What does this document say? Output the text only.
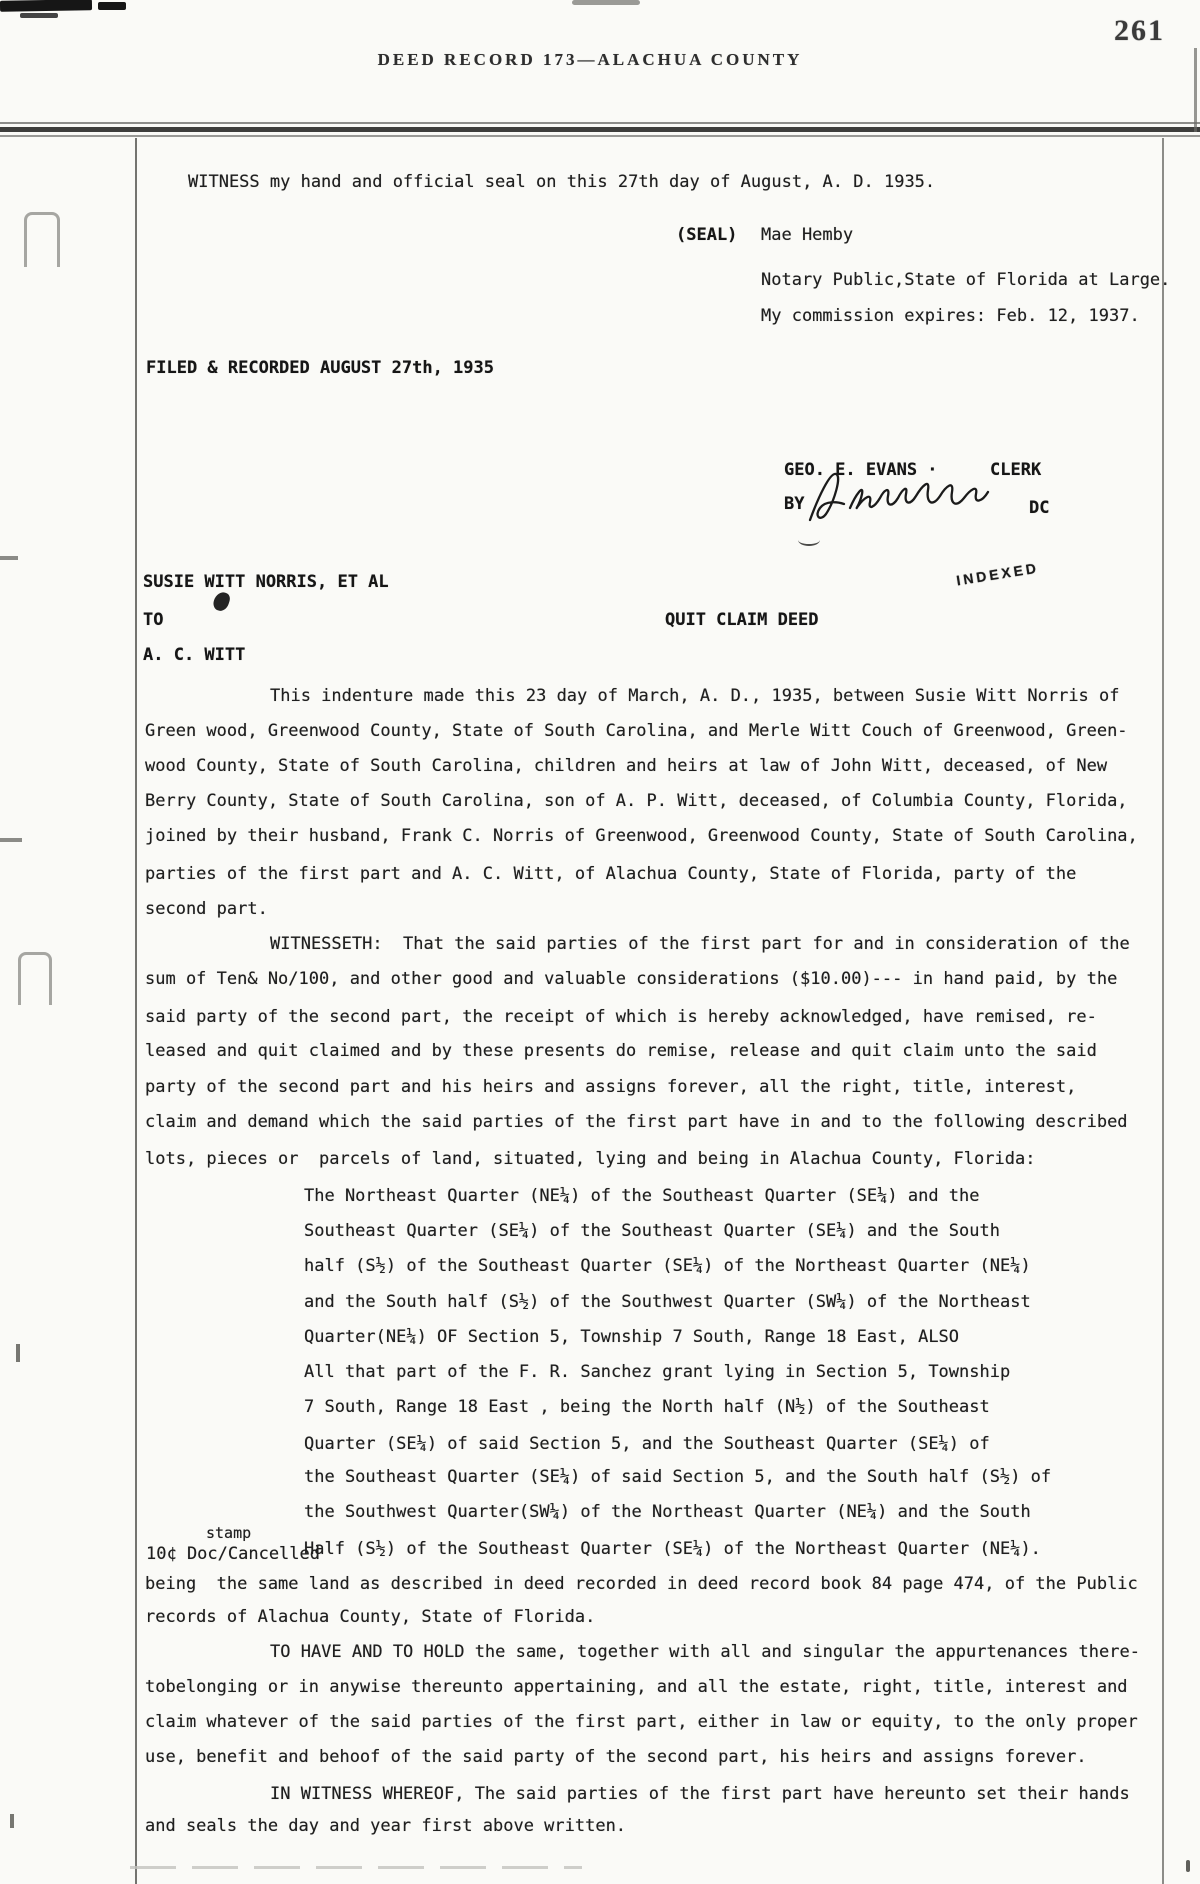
261
DEED RECORD 173—ALACHUA COUNTY
WITNESS my hand and official seal on this 27th day of August, A. D. 1935.
(SEAL) Mae Hemby
Notary Public,State of Florida at Large.
My commission expires: Feb. 12, 1937.
FILED & RECORDED AUGUST 27th, 1935
GEO. E. EVANS ·	CLERK
BY	DC
SUSIE WITT NORRIS, ET AL	INDEXED
TO	QUIT CLAIM DEED
A. C. WITT
This indenture made this 23 day of March, A. D., 1935, between Susie Witt Norris of
Green wood, Greenwood County, State of South Carolina, and Merle Witt Couch of Greenwood, Green-
wood County, State of South Carolina, children and heirs at law of John Witt, deceased, of New
Berry County, State of South Carolina, son of A. P. Witt, deceased, of Columbia County, Florida,
joined by their husband, Frank C. Norris of Greenwood, Greenwood County, State of South Carolina,
parties of the first part and A. C. Witt, of Alachua County, State of Florida, party of the
second part.
WITNESSETH:  That the said parties of the first part for and in consideration of the
sum of Ten& No/100, and other good and valuable considerations ($10.00)--- in hand paid, by the
said party of the second part, the receipt of which is hereby acknowledged, have remised, re-
leased and quit claimed and by these presents do remise, release and quit claim unto the said
party of the second part and his heirs and assigns forever, all the right, title, interest,
claim and demand which the said parties of the first part have in and to the following described
lots, pieces or  parcels of land, situated, lying and being in Alachua County, Florida:
The Northeast Quarter (NE¼) of the Southeast Quarter (SE¼) and the
Southeast Quarter (SE¼) of the Southeast Quarter (SE¼) and the South
half (S½) of the Southeast Quarter (SE¼) of the Northeast Quarter (NE¼)
and the South half (S½) of the Southwest Quarter (SW¼) of the Northeast
Quarter(NE¼) OF Section 5, Township 7 South, Range 18 East, ALSO
All that part of the F. R. Sanchez grant lying in Section 5, Township
7 South, Range 18 East , being the North half (N½) of the Southeast
Quarter (SE¼) of said Section 5, and the Southeast Quarter (SE¼) of
the Southeast Quarter (SE¼) of said Section 5, and the South half (S½) of
the Southwest Quarter(SW¼) of the Northeast Quarter (NE¼) and the South
Half (S½) of the Southeast Quarter (SE¼) of the Northeast Quarter (NE¼).
being  the same land as described in deed recorded in deed record book 84 page 474, of the Public
records of Alachua County, State of Florida.
TO HAVE AND TO HOLD the same, together with all and singular the appurtenances there-
tobelonging or in anywise thereunto appertaining, and all the estate, right, title, interest and
claim whatever of the said parties of the first part, either in law or equity, to the only proper
use, benefit and behoof of the said party of the second part, his heirs and assigns forever.
IN WITNESS WHEREOF, The said parties of the first part have hereunto set their hands
and seals the day and year first above written.
stamp
10¢ Doc/Cancelled
